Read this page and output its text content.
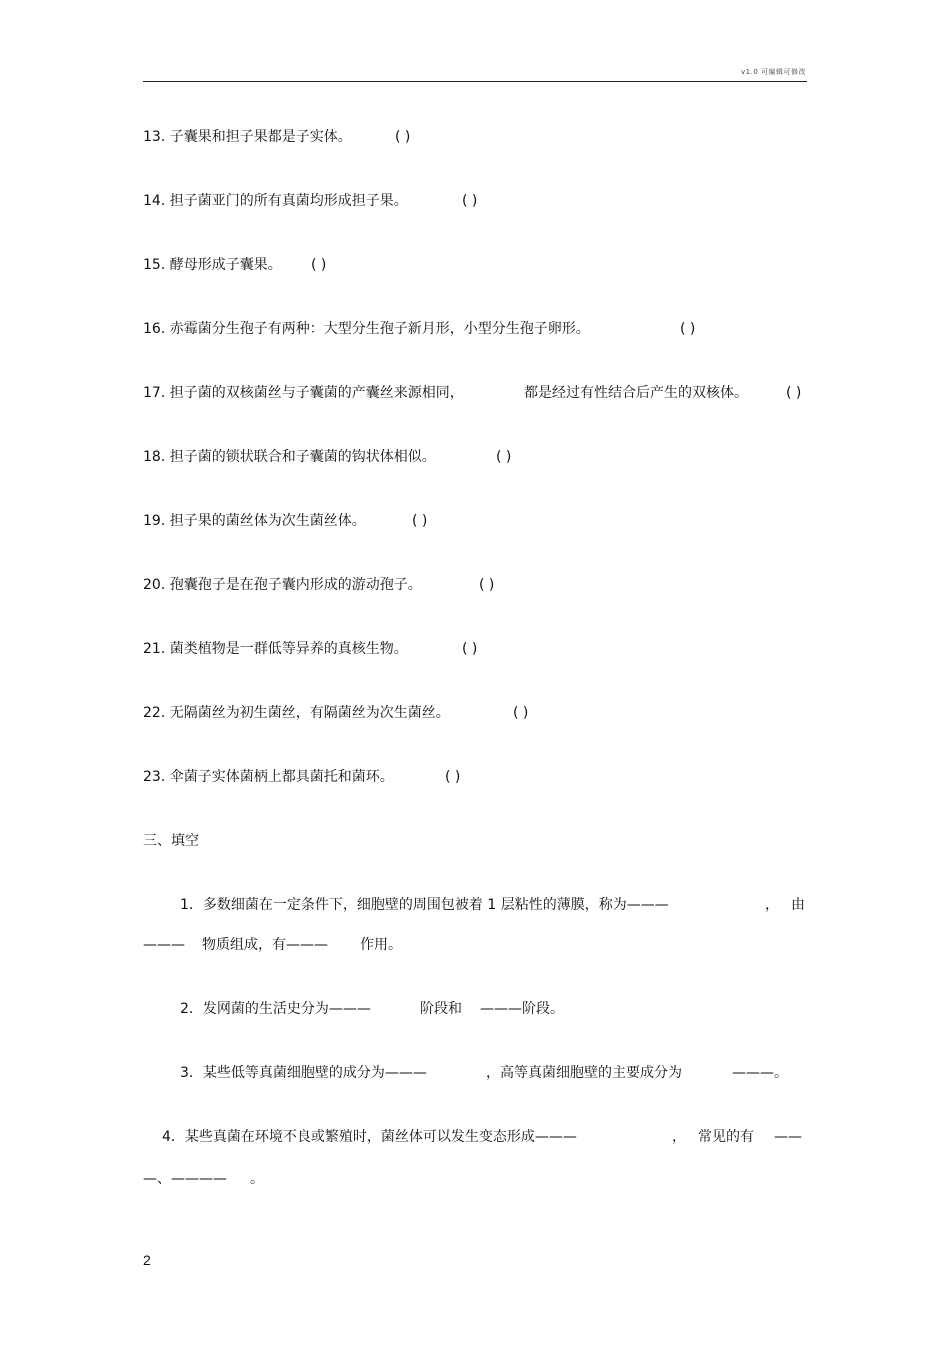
v1.0 可编辑可修改
13. 子囊果和担子果都是子实体。	( )
14. 担子菌亚门的所有真菌均形成担子果。	( )
15. 酵母形成子囊果。 ( )
16. 赤霉菌分生孢子有两种：大型分生孢子新月形，小型分生孢子卵形。	( )
17. 担子菌的双核菌丝与子囊菌的产囊丝来源相同，	都是经过有性结合后产生的双核体。	( )
18. 担子菌的锁状联合和子囊菌的钩状体相似。	( )
19. 担子果的菌丝体为次生菌丝体。	( )
20. 孢囊孢子是在孢子囊内形成的游动孢子。	( )
21. 菌类植物是一群低等异养的真核生物。	( )
22. 无隔菌丝为初生菌丝，有隔菌丝为次生菌丝。	( )
23. 伞菌子实体菌柄上都具菌托和菌环。	( )
三、填空
1．多数细菌在一定条件下，细胞壁的周围包被着 1 层粘性的薄膜，称为———	， 由
——— 物质组成，有——— 作用。
2．发网菌的生活史分为———	阶段和 ———阶段。
3．某些低等真菌细胞壁的成分为———	，高等真菌细胞壁的主要成分为	———。
4．某些真菌在环境不良或繁殖时，菌丝体可以发生变态形成———	， 常见的有 ——
—、———— 。
2
